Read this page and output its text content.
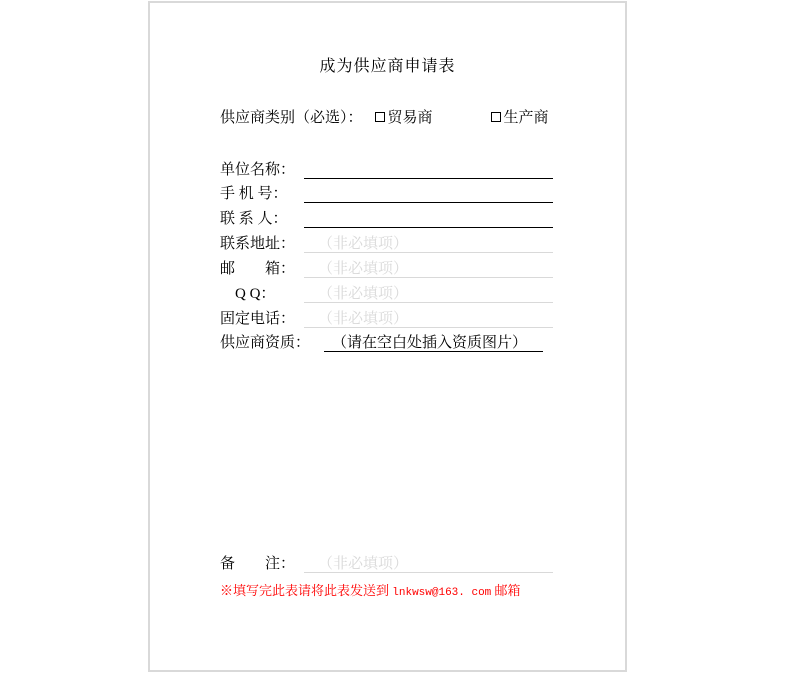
成为供应商申请表
供应商类别（必选）： 贸易商	生产商
单位名称：
手 机 号：
联 系 人：
联系地址：	（非必填项）
邮　　箱：	（非必填项）
　Q Q：	（非必填项）
固定电话：	（非必填项）
供应商资质：	（请在空白处插入资质图片）
备　　注：	（非必填项）
※填写完此表请将此表发送到 lnkwsw@163. com 邮箱
